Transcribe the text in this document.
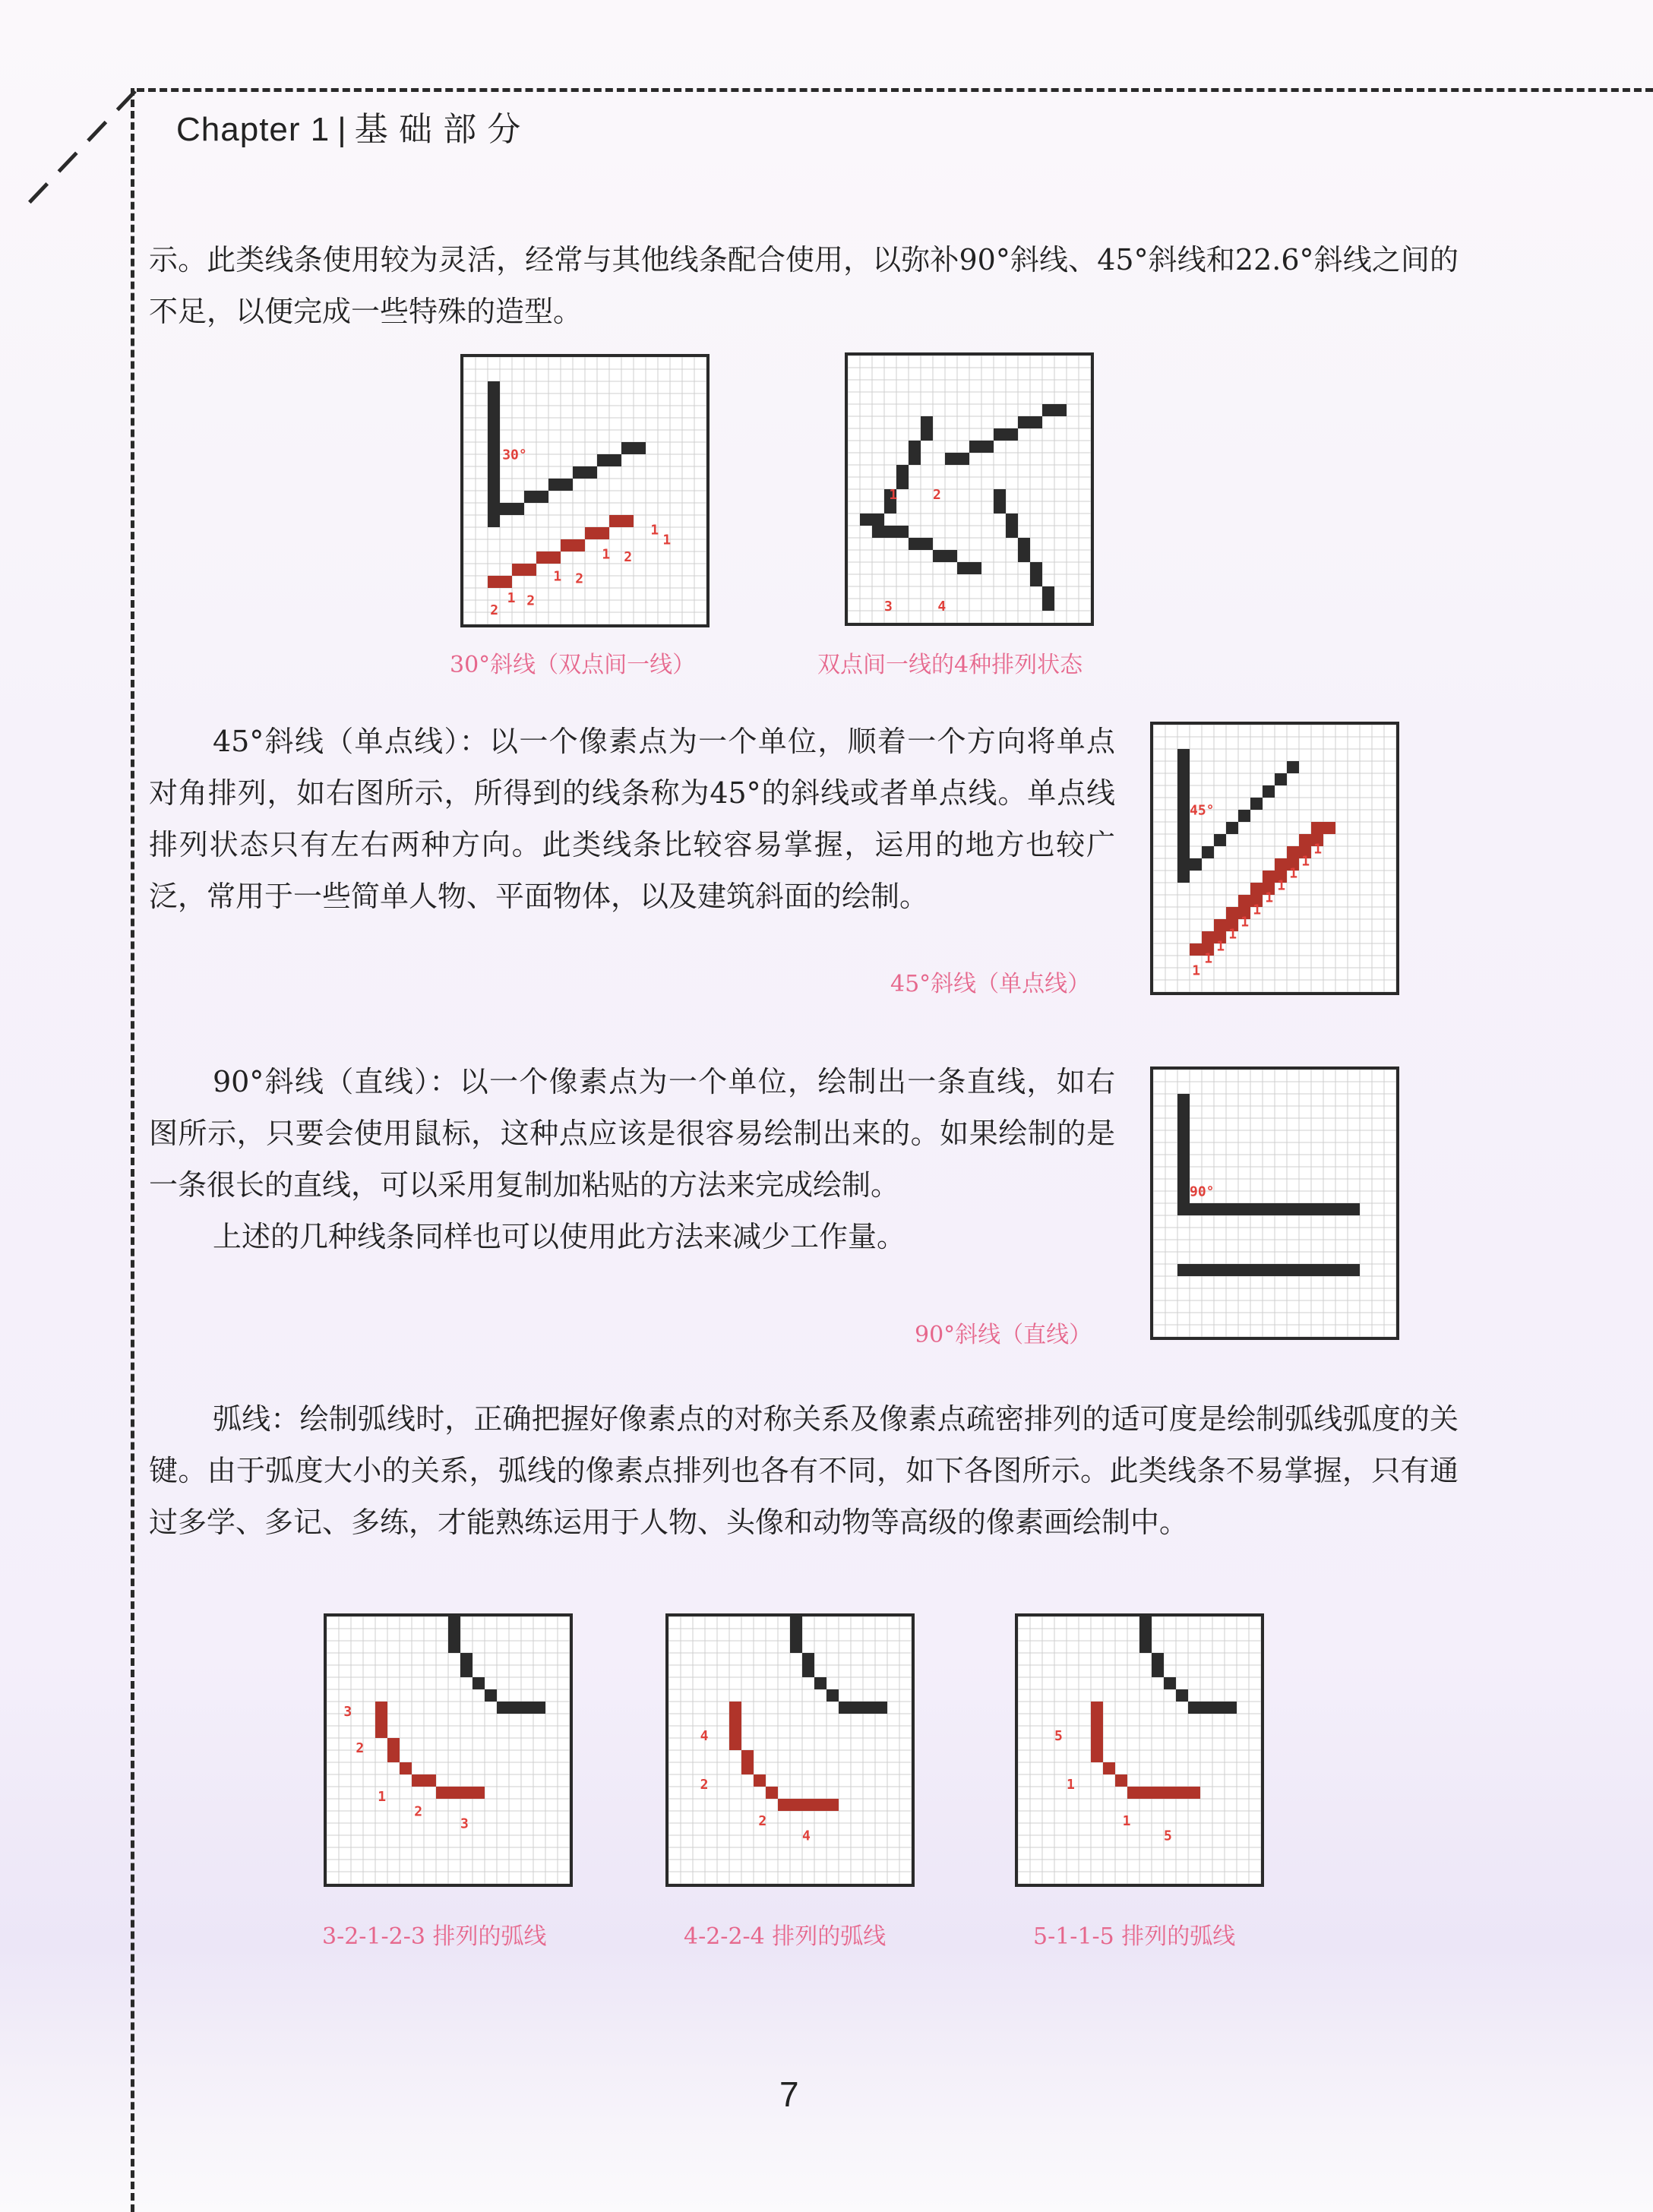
Chapter 1 | 基 础 部 分

示。此类线条使用较为灵活，经常与其他线条配合使用，以弥补90°斜线、45°斜线和22.6°斜线之间的不足，以便完成一些特殊的造型。

45°斜线（单点线）：以一个像素点为一个单位，顺着一个方向将单点对角排列，如右图所示，所得到的线条称为45°的斜线或者单点线。单点线排列状态只有左右两种方向。此类线条比较容易掌握，运用的地方也较广泛，常用于一些简单人物、平面物体，以及建筑斜面的绘制。

90°斜线（直线）：以一个像素点为一个单位，绘制出一条直线，如右图所示，只要会使用鼠标，这种点应该是很容易绘制出来的。如果绘制的是一条很长的直线，可以采用复制加粘贴的方法来完成绘制。
上述的几种线条同样也可以使用此方法来减少工作量。

弧线：绘制弧线时，正确把握好像素点的对称关系及像素点疏密排列的适可度是绘制弧线弧度的关键。由于弧度大小的关系，弧线的像素点排列也各有不同，如下各图所示。此类线条不易掌握，只有通过多学、多记、多练，才能熟练运用于人物、头像和动物等高级的像素画绘制中。

30°
2
1 2
1 2
1 2
1
1
30°斜线（双点间一线）
1	2
3	4
双点间一线的4种排列状态
45°
1
1
1
1
1
1
1
1
1
1
1
45°斜线（单点线）
90°
90°斜线（直线）
3
2
1
2
3
3-2-1-2-3 排列的弧线
4
2
2
4
4-2-2-4 排列的弧线
5
1
1
5
5-1-1-5 排列的弧线
7
